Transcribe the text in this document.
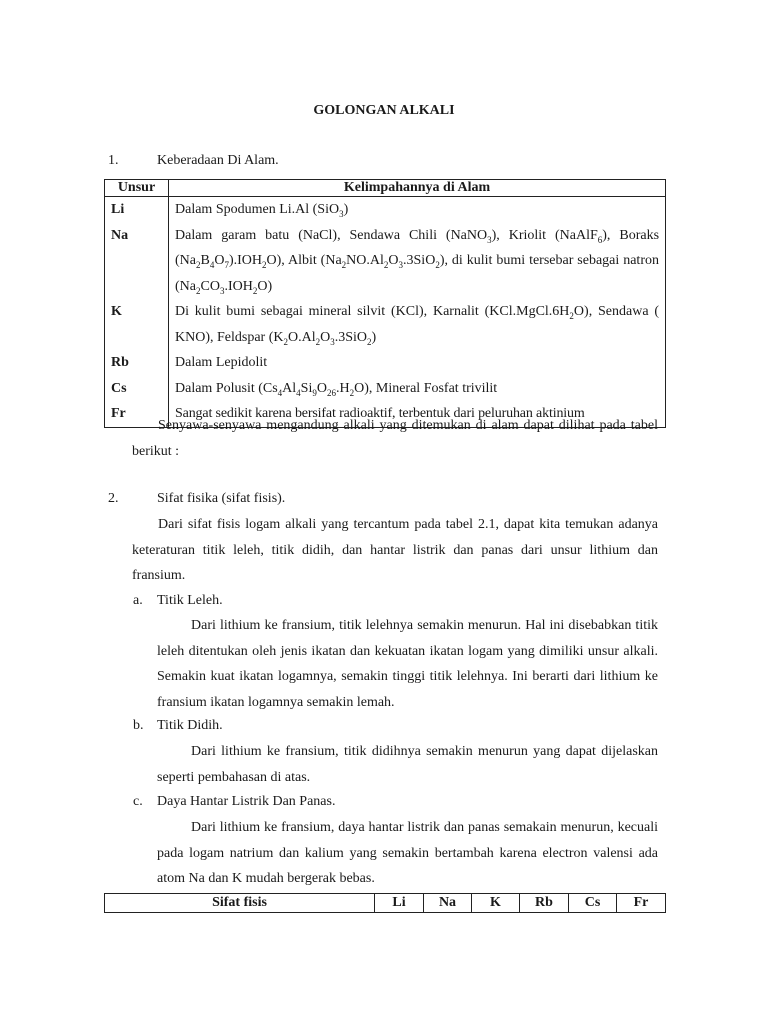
GOLONGAN ALKALI
1.	Keberadaan Di Alam.
Unsur	Kelimpahannya di Alam
Li	Dalam Spodumen Li.Al (SiO$_3$)
Na	Dalam garam batu (NaCl), Sendawa Chili (NaNO$_3$), Kriolit (NaAlF$_6$), Boraks $(Na_2B_4O_7).IOH_2O$), Albit $(Na_2NO.Al_2O_3.3SiO_2)$, di kulit bumi tersebar sebagai natron $(Na_2CO_3.IOH_2O)$
K	Di kulit bumi sebagai mineral silvit (KCl), Karnalit $(KCl.MgCl.6H_2O)$, Sendawa ( KNO), Feldspar $(K_2O.Al_2O_3.3SiO_2)$
Rb	Dalam Lepidolit
Cs	Dalam Polusit $(Cs_4Al_4Si_9O_{26}.H_2O)$, Mineral Fosfat trivilit
Fr	Sangat sedikit karena bersifat radioaktif, terbentuk dari peluruhan aktinium
Senyawa-senyawa mengandung alkali yang ditemukan di alam dapat dilihat pada tabel berikut :
2.	Sifat fisika (sifat fisis).
Dari sifat fisis logam alkali yang tercantum pada tabel 2.1, dapat kita temukan adanya keteraturan titik leleh, titik didih, dan hantar listrik dan panas dari unsur lithium dan fransium.
a. Titik Leleh.
Dari lithium ke fransium, titik lelehnya semakin menurun. Hal ini disebabkan titik leleh ditentukan oleh jenis ikatan dan kekuatan ikatan logam yang dimiliki unsur alkali. Semakin kuat ikatan logamnya, semakin tinggi titik lelehnya. Ini berarti dari lithium ke fransium ikatan logamnya semakin lemah.
b. Titik Didih.
Dari lithium ke fransium, titik didihnya semakin menurun yang dapat dijelaskan seperti pembahasan di atas.
c. Daya Hantar Listrik Dan Panas.
Dari lithium ke fransium, daya hantar listrik dan panas semakain menurun, kecuali pada logam natrium dan kalium yang semakin bertambah karena electron valensi ada atom Na dan K mudah bergerak bebas.
Sifat fisis	Li	Na	K	Rb	Cs	Fr
